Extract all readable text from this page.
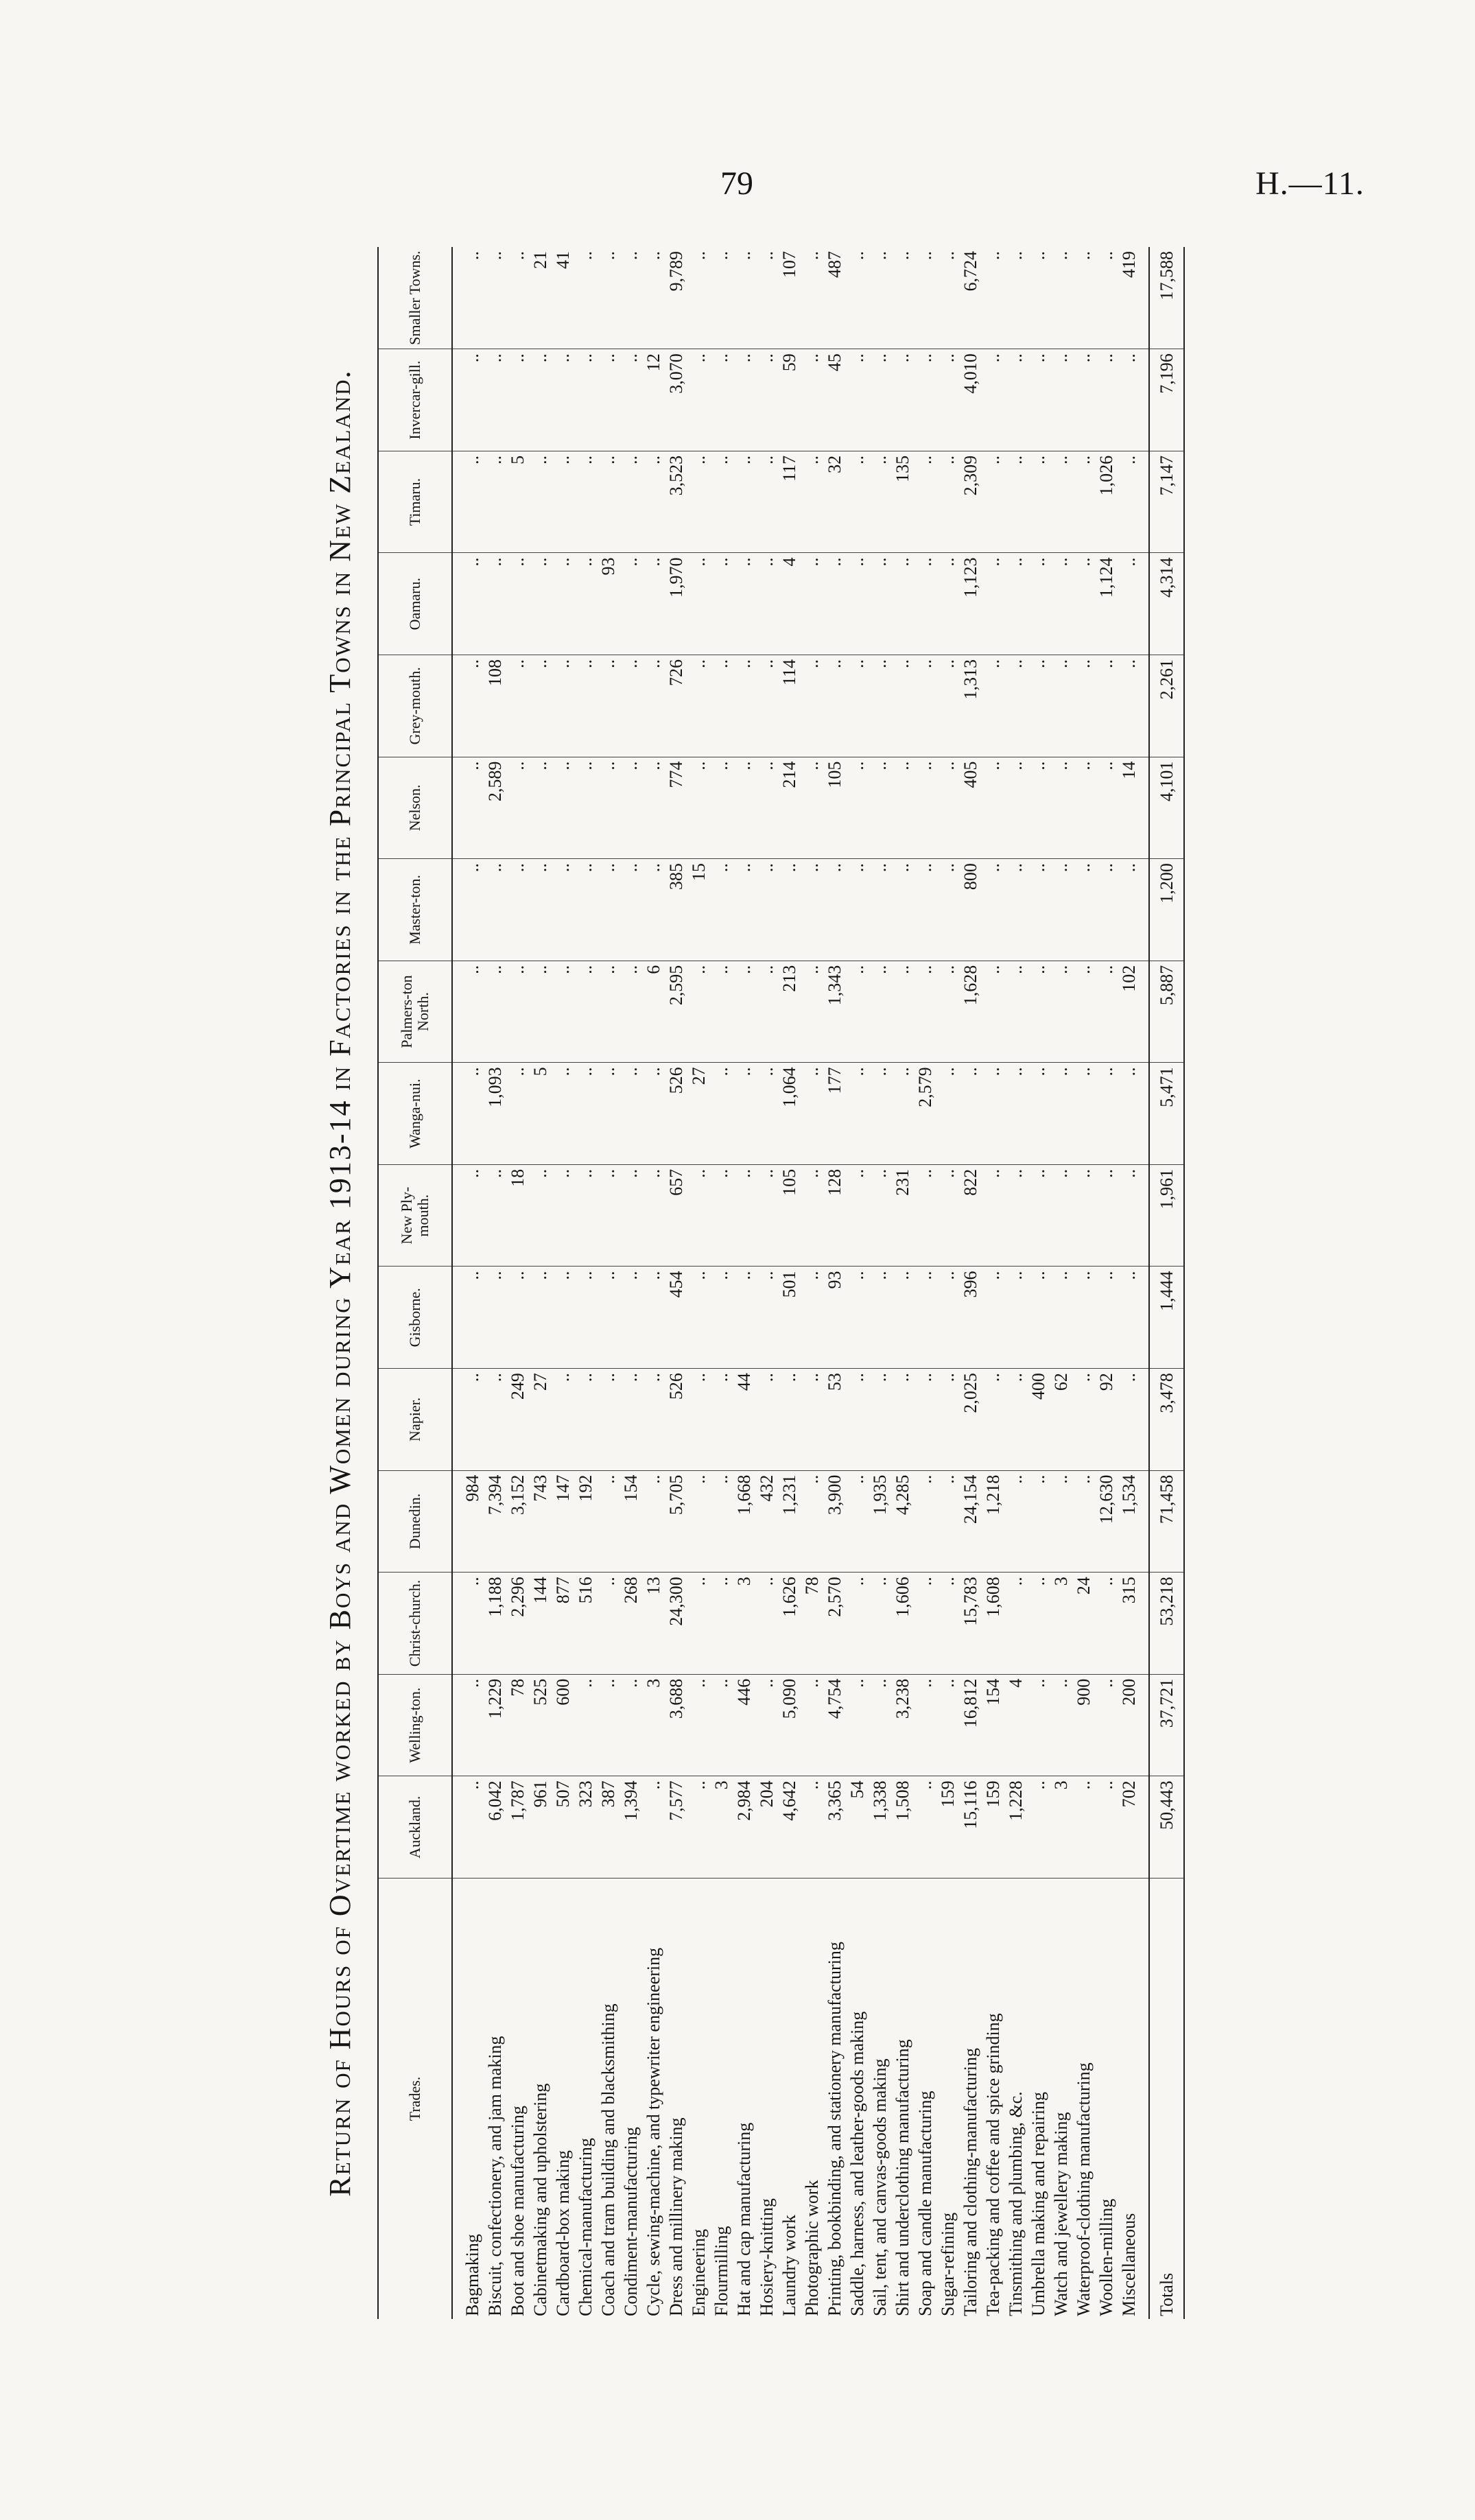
79	H.—11.
Return of Hours of Overtime worked by Boys and Women during Year 1913-14 in Factories in the Principal Towns in New Zealand.	Trades.	Auckland.	Welling-ton.	Christ-church.	Dunedin.	Napier.	Gisborne.	New Ply-mouth.	Wanga-nui.	Palmers-ton North.	Master-ton.	Nelson.	Grey-mouth.	Oamaru.	Timaru.	Invercar-gill.	Smaller Towns.
Bagmaking	..	..	..	984	..	..	..	..	..	..	..	..	..	..	..	..
Biscuit, confectionery, and jam making	6,042	1,229	1,188	7,394	..	..	..	1,093	..	..	2,589	108	..	..	..	..
Boot and shoe manufacturing	1,787	78	2,296	3,152	249	..	18	..	..	..	..	..	..	5	..	..
Cabinetmaking and upholstering	961	525	144	743	27	..	..	5	..	..	..	..	..	..	..	21
Cardboard-box making	507	600	877	147	..	..	..	..	..	..	..	..	..	..	..	41
Chemical-manufacturing	323	..	516	192	..	..	..	..	..	..	..	..	..	..	..	..
Coach and tram building and blacksmithing	387	..	..	..	..	..	..	..	..	..	..	..	93	..	..	..
Condiment-manufacturing	1,394	..	268	154	..	..	..	..	..	..	..	..	..	..	..	..
Cycle, sewing-machine, and typewriter engineering	..	3	13	..	..	..	..	..	6	..	..	..	..	..	12	..
Dress and millinery making	7,577	3,688	24,300	5,705	526	454	657	526	2,595	385	774	726	1,970	3,523	3,070	9,789
Engineering	..	..	..	..	..	..	..	27	..	15	..	..	..	..	..	..
Flourmilling	3	..	..	..	..	..	..	..	..	..	..	..	..	..	..	..
Hat and cap manufacturing	2,984	446	3	1,668	44	..	..	..	..	..	..	..	..	..	..	..
Hosiery-knitting	204	..	..	432	..	..	..	..	..	..	..	..	..	..	..	..
Laundry work	4,642	5,090	1,626	1,231	..	501	105	1,064	213	..	214	114	4	117	59	107
Photographic work	..	..	78	..	..	..	..	..	..	..	..	..	..	..	..	..
Printing, bookbinding, and stationery manufacturing	3,365	4,754	2,570	3,900	53	93	128	177	1,343	..	105	..	..	32	45	487
Saddle, harness, and leather-goods making	54	..	..	..	..	..	..	..	..	..	..	..	..	..	..	..
Sail, tent, and canvas-goods making	1,338	..	..	1,935	..	..	..	..	..	..	..	..	..	..	..	..
Shirt and underclothing manufacturing	1,508	3,238	1,606	4,285	..	..	231	..	..	..	..	..	..	135	..	..
Soap and candle manufacturing	..	..	..	..	..	..	..	2,579	..	..	..	..	..	..	..	..
Sugar-refining	159	..	..	..	..	..	..	..	..	..	..	..	..	..	..	..
Tailoring and clothing-manufacturing	15,116	16,812	15,783	24,154	2,025	396	822	..	1,628	800	405	1,313	1,123	2,309	4,010	6,724
Tea-packing and coffee and spice grinding	159	154	1,608	1,218	..	..	..	..	..	..	..	..	..	..	..	..
Tinsmithing and plumbing, &c.	1,228	4	..	..	..	..	..	..	..	..	..	..	..	..	..	..
Umbrella making and repairing	..	..	..	..	400	..	..	..	..	..	..	..	..	..	..	..
Watch and jewellery making	3	..	3	..	62	..	..	..	..	..	..	..	..	..	..	..
Waterproof-clothing manufacturing	..	900	24	..	..	..	..	..	..	..	..	..	..	..	..	..
Woollen-milling	..	..	..	12,630	92	..	..	..	..	..	..	..	1,124	1,026	..	..
Miscellaneous	702	200	315	1,534	..	..	..	..	102	..	14	..	..	..	..	419
Totals	50,443	37,721	53,218	71,458	3,478	1,444	1,961	5,471	5,887	1,200	4,101	2,261	4,314	7,147	7,196	17,588
